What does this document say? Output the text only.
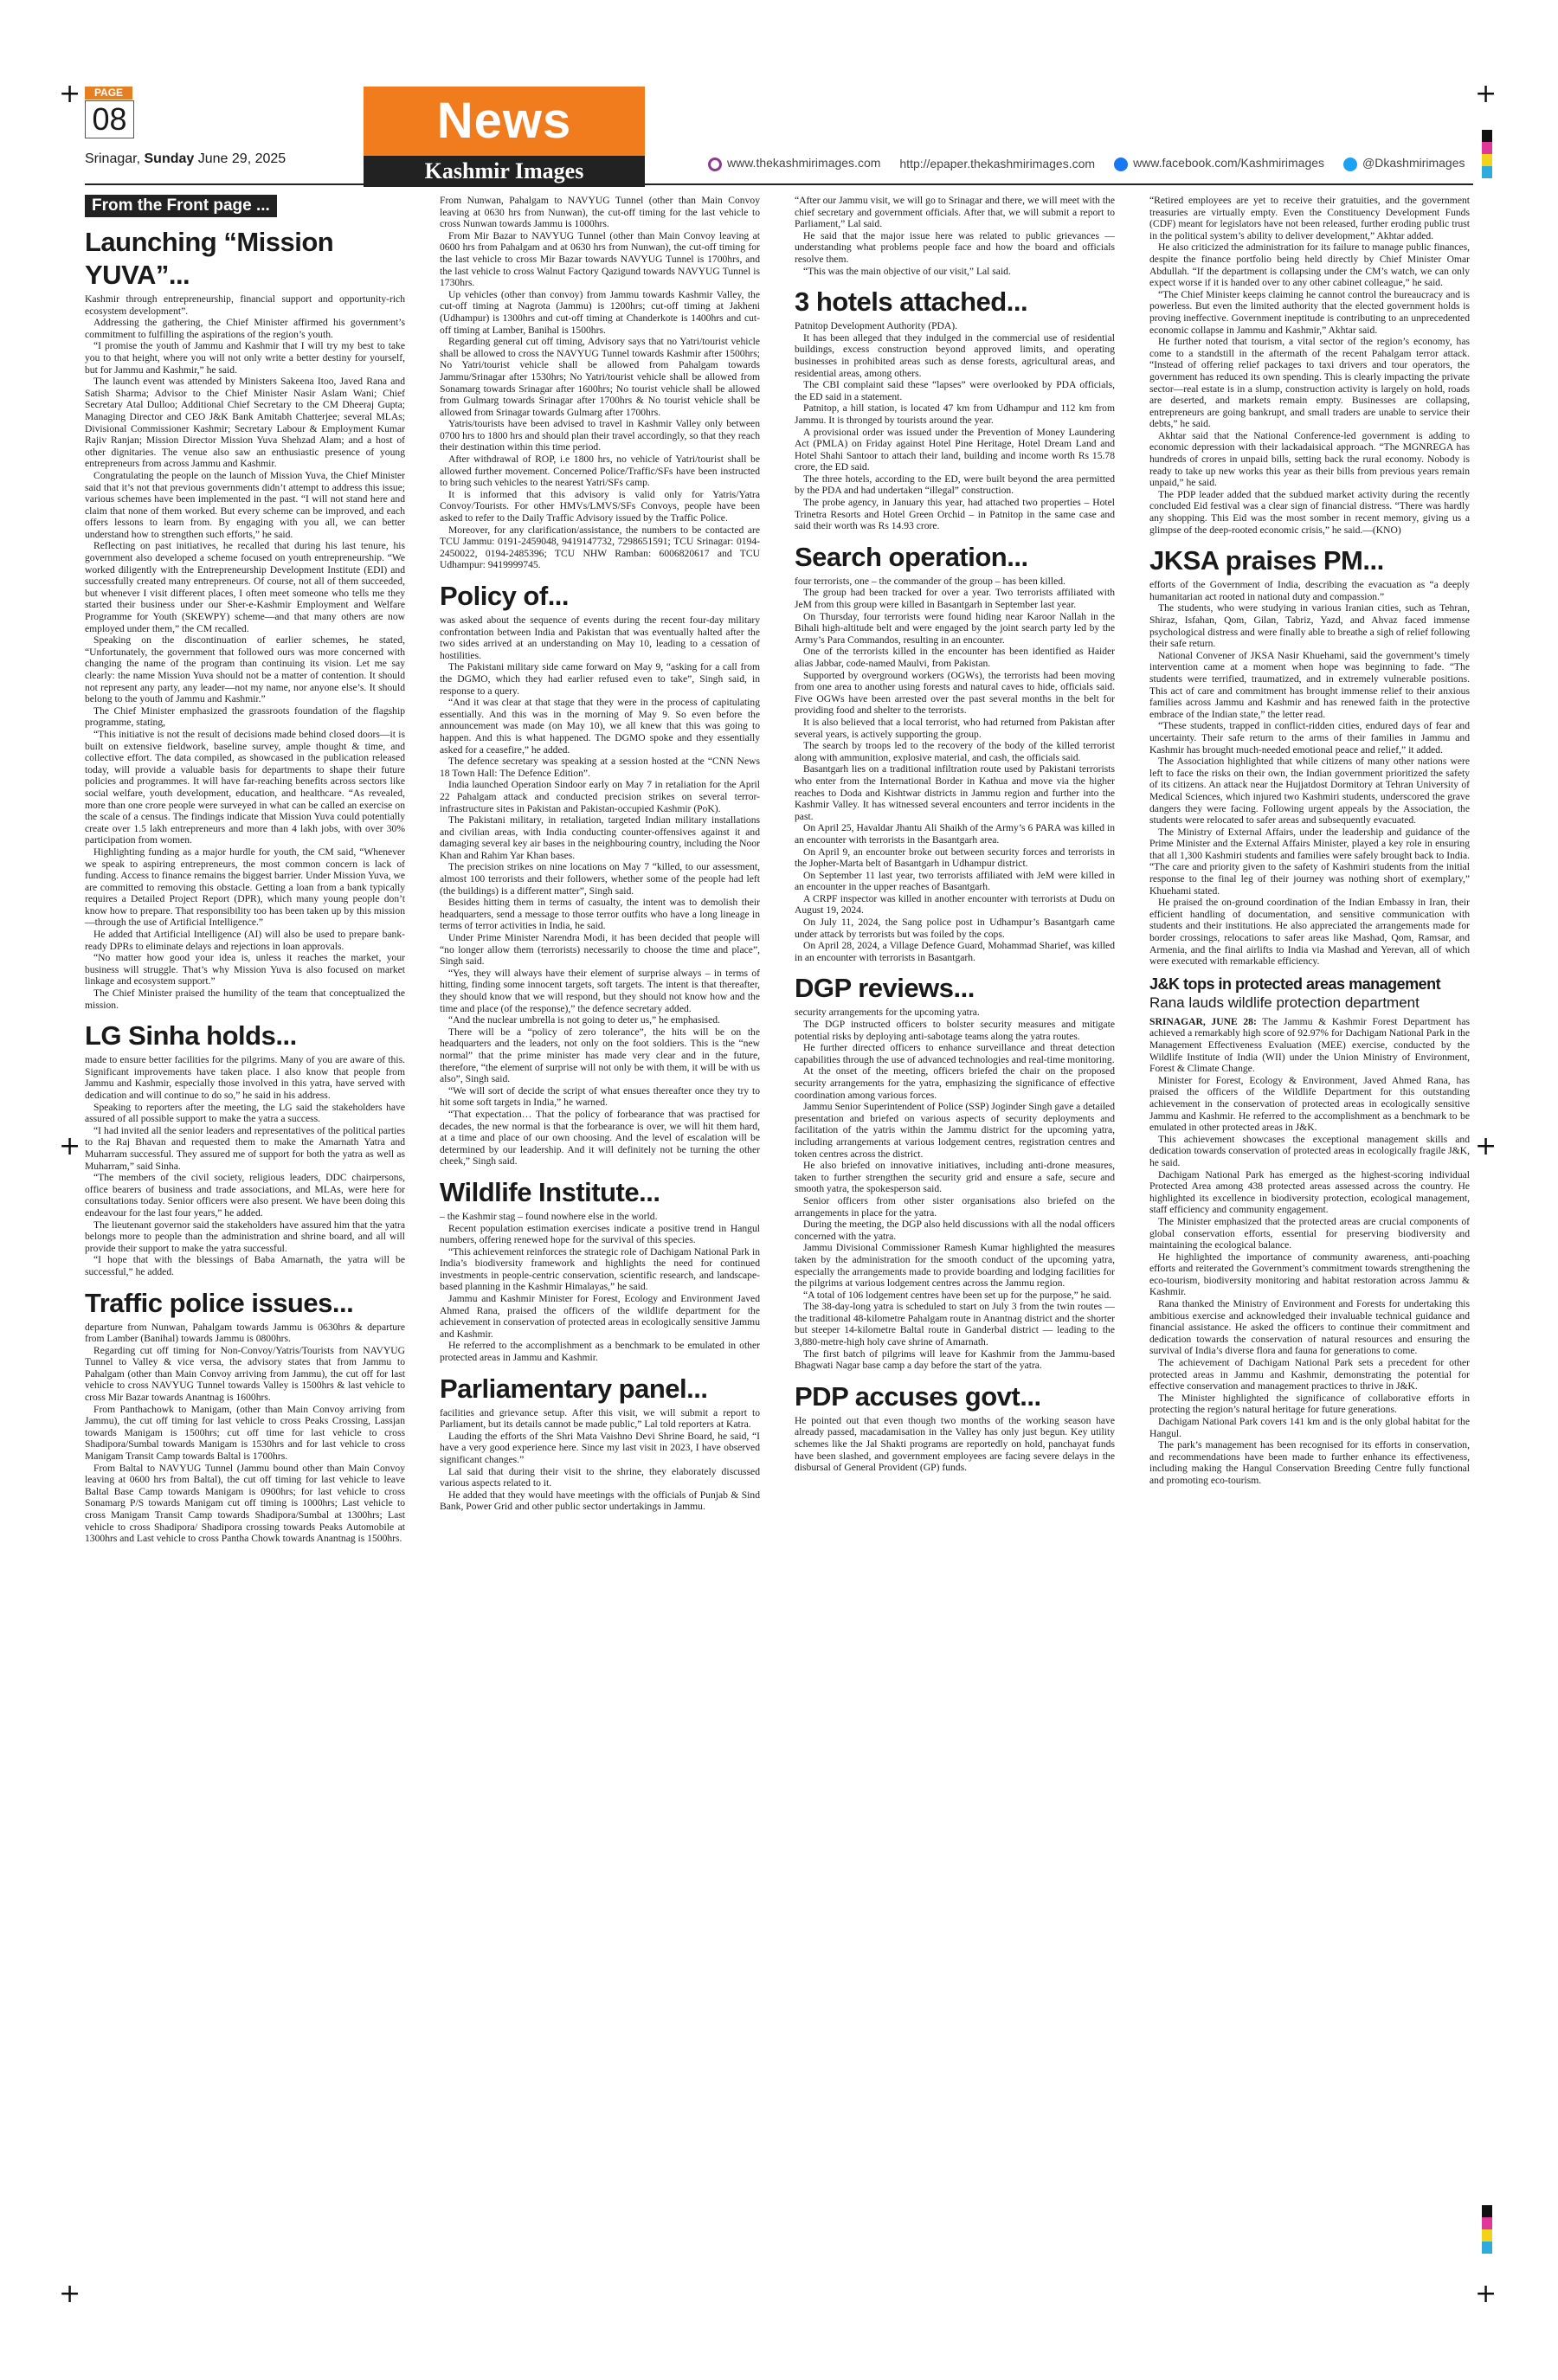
+	+
+	+
+	+
PAGE
08
Srinagar, Sunday June 29, 2025
News
Kashmir Images	www.thekashmirimages.com http://epaper.thekashmirimages.com	www.facebook.com/Kashmirimages	@Dkashmirimages
From the Front page ...
Launching “Mission YUVA”...

Kashmir through entrepreneurship, financial support and opportunity-rich ecosystem development”.

Addressing the gathering, the Chief Minister affirmed his government’s commitment to fulfilling the aspirations of the region’s youth.

“I promise the youth of Jammu and Kashmir that I will try my best to take you to that height, where you will not only write a better destiny for yourself, but for Jammu and Kashmir,” he said.

The launch event was attended by Ministers Sakeena Itoo, Javed Rana and Satish Sharma; Advisor to the Chief Minister Nasir Aslam Wani; Chief Secretary Atal Dulloo; Additional Chief Secretary to the CM Dheeraj Gupta; Managing Director and CEO J&K Bank Amitabh Chatterjee; several MLAs; Divisional Commissioner Kashmir; Secretary Labour & Employment Kumar Rajiv Ranjan; Mission Director Mission Yuva Shehzad Alam; and a host of other dignitaries. The venue also saw an enthusiastic presence of young entrepreneurs from across Jammu and Kashmir.

Congratulating the people on the launch of Mission Yuva, the Chief Minister said that it’s not that previous governments didn’t attempt to address this issue; various schemes have been implemented in the past. “I will not stand here and claim that none of them worked. But every scheme can be improved, and each offers lessons to learn from. By engaging with you all, we can better understand how to strengthen such efforts,” he said.

Reflecting on past initiatives, he recalled that during his last tenure, his government also developed a scheme focused on youth entrepreneurship. “We worked diligently with the Entrepreneurship Development Institute (EDI) and successfully created many entrepreneurs. Of course, not all of them succeeded, but whenever I visit different places, I often meet someone who tells me they started their business under our Sher-e-Kashmir Employment and Welfare Programme for Youth (SKEWPY) scheme—and that many others are now employed under them,” the CM recalled.

Speaking on the discontinuation of earlier schemes, he stated, “Unfortunately, the government that followed ours was more concerned with changing the name of the program than continuing its vision. Let me say clearly: the name Mission Yuva should not be a matter of contention. It should not represent any party, any leader—not my name, nor anyone else’s. It should belong to the youth of Jammu and Kashmir.”

The Chief Minister emphasized the grassroots foundation of the flagship programme, stating,

“This initiative is not the result of decisions made behind closed doors—it is built on extensive fieldwork, baseline survey, ample thought & time, and collective effort. The data compiled, as showcased in the publication released today, will provide a valuable basis for departments to shape their future policies and programmes. It will have far-reaching benefits across sectors like social welfare, youth development, education, and healthcare. “As revealed, more than one crore people were surveyed in what can be called an exercise on the scale of a census. The findings indicate that Mission Yuva could potentially create over 1.5 lakh entrepreneurs and more than 4 lakh jobs, with over 30% participation from women.

Highlighting funding as a major hurdle for youth, the CM said, “Whenever we speak to aspiring entrepreneurs, the most common concern is lack of funding. Access to finance remains the biggest barrier. Under Mission Yuva, we are committed to removing this obstacle. Getting a loan from a bank typically requires a Detailed Project Report (DPR), which many young people don’t know how to prepare. That responsibility too has been taken up by this mission—through the use of Artificial Intelligence.”

He added that Artificial Intelligence (AI) will also be used to prepare bank-ready DPRs to eliminate delays and rejections in loan approvals.

“No matter how good your idea is, unless it reaches the market, your business will struggle. That’s why Mission Yuva is also focused on market linkage and ecosystem support.”

The Chief Minister praised the humility of the team that conceptualized the mission.

LG Sinha holds...

made to ensure better facilities for the pilgrims. Many of you are aware of this. Significant improvements have taken place. I also know that people from Jammu and Kashmir, especially those involved in this yatra, have served with dedication and will continue to do so,” he said in his address.

Speaking to reporters after the meeting, the LG said the stakeholders have assured of all possible support to make the yatra a success.

“I had invited all the senior leaders and representatives of the political parties to the Raj Bhavan and requested them to make the Amarnath Yatra and Muharram successful. They assured me of support for both the yatra as well as Muharram,” said Sinha.

“The members of the civil society, religious leaders, DDC chairpersons, office bearers of business and trade associations, and MLAs, were here for consultations today. Senior officers were also present. We have been doing this endeavour for the last four years,” he added.

The lieutenant governor said the stakeholders have assured him that the yatra belongs more to people than the administration and shrine board, and all will provide their support to make the yatra successful.

“I hope that with the blessings of Baba Amarnath, the yatra will be successful,” he added.

Traffic police issues...

departure from Nunwan, Pahalgam towards Jammu is 0630hrs & departure from Lamber (Banihal) towards Jammu is 0800hrs.

Regarding cut off timing for Non-Convoy/Yatris/Tourists from NAVYUG Tunnel to Valley & vice versa, the advisory states that from Jammu to Pahalgam (other than Main Convoy arriving from Jammu), the cut off for last vehicle to cross NAVYUG Tunnel towards Valley is 1500hrs & last vehicle to cross Mir Bazar towards Anantnag is 1600hrs.

From Panthachowk to Manigam, (other than Main Convoy arriving from Jammu), the cut off timing for last vehicle to cross Peaks Crossing, Lassjan towards Manigam is 1500hrs; cut off time for last vehicle to cross Shadipora/Sumbal towards Manigam is 1530hrs and for last vehicle to cross Manigam Transit Camp towards Baltal is 1700hrs.

From Baltal to NAVYUG Tunnel (Jammu bound other than Main Convoy leaving at 0600 hrs from Baltal), the cut off timing for last vehicle to leave Baltal Base Camp towards Manigam is 0900hrs; for last vehicle to cross Sonamarg P/S towards Manigam cut off timing is 1000hrs; Last vehicle to cross Manigam Transit Camp towards Shadipora/Sumbal at 1300hrs; Last vehicle to cross Shadipora/ Shadipora crossing towards Peaks Automobile at 1300hrs and Last vehicle to cross Pantha Chowk towards Anantnag is 1500hrs.

From Nunwan, Pahalgam to NAVYUG Tunnel (other than Main Convoy leaving at 0630 hrs from Nunwan), the cut-off timing for the last vehicle to cross Nunwan towards Jammu is 1000hrs.

From Mir Bazar to NAVYUG Tunnel (other than Main Convoy leaving at 0600 hrs from Pahalgam and at 0630 hrs from Nunwan), the cut-off timing for the last vehicle to cross Mir Bazar towards NAVYUG Tunnel is 1700hrs, and the last vehicle to cross Walnut Factory Qazigund towards NAVYUG Tunnel is 1730hrs.

Up vehicles (other than convoy) from Jammu towards Kashmir Valley, the cut-off timing at Nagrota (Jammu) is 1200hrs; cut-off timing at Jakheni (Udhampur) is 1300hrs and cut-off timing at Chanderkote is 1400hrs and cut-off timing at Lamber, Banihal is 1500hrs.

Regarding general cut off timing, Advisory says that no Yatri/tourist vehicle shall be allowed to cross the NAVYUG Tunnel towards Kashmir after 1500hrs; No Yatri/tourist vehicle shall be allowed from Pahalgam towards Jammu/Srinagar after 1530hrs; No Yatri/tourist vehicle shall be allowed from Sonamarg towards Srinagar after 1600hrs; No tourist vehicle shall be allowed from Gulmarg towards Srinagar after 1700hrs & No tourist vehicle shall be allowed from Srinagar towards Gulmarg after 1700hrs.

Yatris/tourists have been advised to travel in Kashmir Valley only between 0700 hrs to 1800 hrs and should plan their travel accordingly, so that they reach their destination within this time period.

After withdrawal of ROP, i.e 1800 hrs, no vehicle of Yatri/tourist shall be allowed further movement. Concerned Police/Traffic/SFs have been instructed to bring such vehicles to the nearest Yatri/SFs camp.

It is informed that this advisory is valid only for Yatris/Yatra Convoy/Tourists. For other HMVs/LMVS/SFs Convoys, people have been asked to refer to the Daily Traffic Advisory issued by the Traffic Police.

Moreover, for any clarification/assistance, the numbers to be contacted are TCU Jammu: 0191-2459048, 9419147732, 7298651591; TCU Srinagar: 0194-2450022, 0194-2485396; TCU NHW Ramban: 6006820617 and TCU Udhampur: 9419999745.

Policy of...

was asked about the sequence of events during the recent four-day military confrontation between India and Pakistan that was eventually halted after the two sides arrived at an understanding on May 10, leading to a cessation of hostilities.

The Pakistani military side came forward on May 9, “asking for a call from the DGMO, which they had earlier refused even to take”, Singh said, in response to a query.

“And it was clear at that stage that they were in the process of capitulating essentially. And this was in the morning of May 9. So even before the announcement was made (on May 10), we all knew that this was going to happen. And this is what happened. The DGMO spoke and they essentially asked for a ceasefire,” he added.

The defence secretary was speaking at a session hosted at the “CNN News 18 Town Hall: The Defence Edition”.

India launched Operation Sindoor early on May 7 in retaliation for the April 22 Pahalgam attack and conducted precision strikes on several terror-infrastructure sites in Pakistan and Pakistan-occupied Kashmir (PoK).

The Pakistani military, in retaliation, targeted Indian military installations and civilian areas, with India conducting counter-offensives against it and damaging several key air bases in the neighbouring country, including the Noor Khan and Rahim Yar Khan bases.

The precision strikes on nine locations on May 7 “killed, to our assessment, almost 100 terrorists and their followers, whether some of the people had left (the buildings) is a different matter”, Singh said.

Besides hitting them in terms of casualty, the intent was to demolish their headquarters, send a message to those terror outfits who have a long lineage in terms of terror activities in India, he said.

Under Prime Minister Narendra Modi, it has been decided that people will “no longer allow them (terrorists) necessarily to choose the time and place”, Singh said.

“Yes, they will always have their element of surprise always – in terms of hitting, finding some innocent targets, soft targets. The intent is that thereafter, they should know that we will respond, but they should not know how and the time and place (of the response),” the defence secretary added.

“And the nuclear umbrella is not going to deter us,” he emphasised.

There will be a “policy of zero tolerance”, the hits will be on the headquarters and the leaders, not only on the foot soldiers. This is the “new normal” that the prime minister has made very clear and in the future, therefore, “the element of surprise will not only be with them, it will be with us also”, Singh said.

“We will sort of decide the script of what ensues thereafter once they try to hit some soft targets in India,” he warned.

“That expectation… That the policy of forbearance that was practised for decades, the new normal is that the forbearance is over, we will hit them hard, at a time and place of our own choosing. And the level of escalation will be determined by our leadership. And it will definitely not be turning the other cheek,” Singh said.

Wildlife Institute...

– the Kashmir stag – found nowhere else in the world.

Recent population estimation exercises indicate a positive trend in Hangul numbers, offering renewed hope for the survival of this species.

“This achievement reinforces the strategic role of Dachigam National Park in India’s biodiversity framework and highlights the need for continued investments in people-centric conservation, scientific research, and landscape-based planning in the Kashmir Himalayas,” he said.

Jammu and Kashmir Minister for Forest, Ecology and Environment Javed Ahmed Rana, praised the officers of the wildlife department for the achievement in conservation of protected areas in ecologically sensitive Jammu and Kashmir.

He referred to the accomplishment as a benchmark to be emulated in other protected areas in Jammu and Kashmir.

Parliamentary panel...

facilities and grievance setup. After this visit, we will submit a report to Parliament, but its details cannot be made public,” Lal told reporters at Katra.

Lauding the efforts of the Shri Mata Vaishno Devi Shrine Board, he said, “I have a very good experience here. Since my last visit in 2023, I have observed significant changes.”

Lal said that during their visit to the shrine, they elaborately discussed various aspects related to it.

He added that they would have meetings with the officials of Punjab & Sind Bank, Power Grid and other public sector undertakings in Jammu.

“After our Jammu visit, we will go to Srinagar and there, we will meet with the chief secretary and government officials. After that, we will submit a report to Parliament,” Lal said.

He said that the major issue here was related to public grievances — understanding what problems people face and how the board and officials resolve them.

“This was the main objective of our visit,” Lal said.

3 hotels attached...

Patnitop Development Authority (PDA).

It has been alleged that they indulged in the commercial use of residential buildings, excess construction beyond approved limits, and operating businesses in prohibited areas such as dense forests, agricultural areas, and residential areas, among others.

The CBI complaint said these “lapses” were overlooked by PDA officials, the ED said in a statement.

Patnitop, a hill station, is located 47 km from Udhampur and 112 km from Jammu. It is thronged by tourists around the year.

A provisional order was issued under the Prevention of Money Laundering Act (PMLA) on Friday against Hotel Pine Heritage, Hotel Dream Land and Hotel Shahi Santoor to attach their land, building and income worth Rs 15.78 crore, the ED said.

The three hotels, according to the ED, were built beyond the area permitted by the PDA and had undertaken “illegal” construction.

The probe agency, in January this year, had attached two properties – Hotel Trinetra Resorts and Hotel Green Orchid – in Patnitop in the same case and said their worth was Rs 14.93 crore.

Search operation...

four terrorists, one – the commander of the group – has been killed.

The group had been tracked for over a year. Two terrorists affiliated with JeM from this group were killed in Basantgarh in September last year.

On Thursday, four terrorists were found hiding near Karoor Nallah in the Bihali high-altitude belt and were engaged by the joint search party led by the Army’s Para Commandos, resulting in an encounter.

One of the terrorists killed in the encounter has been identified as Haider alias Jabbar, code-named Maulvi, from Pakistan.

Supported by overground workers (OGWs), the terrorists had been moving from one area to another using forests and natural caves to hide, officials said. Five OGWs have been arrested over the past several months in the belt for providing food and shelter to the terrorists.

It is also believed that a local terrorist, who had returned from Pakistan after several years, is actively supporting the group.

The search by troops led to the recovery of the body of the killed terrorist along with ammunition, explosive material, and cash, the officials said.

Basantgarh lies on a traditional infiltration route used by Pakistani terrorists who enter from the International Border in Kathua and move via the higher reaches to Doda and Kishtwar districts in Jammu region and further into the Kashmir Valley. It has witnessed several encounters and terror incidents in the past.

On April 25, Havaldar Jhantu Ali Shaikh of the Army’s 6 PARA was killed in an encounter with terrorists in the Basantgarh area.

On April 9, an encounter broke out between security forces and terrorists in the Jopher-Marta belt of Basantgarh in Udhampur district.

On September 11 last year, two terrorists affiliated with JeM were killed in an encounter in the upper reaches of Basantgarh.

A CRPF inspector was killed in another encounter with terrorists at Dudu on August 19, 2024.

On July 11, 2024, the Sang police post in Udhampur’s Basantgarh came under attack by terrorists but was foiled by the cops.

On April 28, 2024, a Village Defence Guard, Mohammad Sharief, was killed in an encounter with terrorists in Basantgarh.

DGP reviews...

security arrangements for the upcoming yatra.

The DGP instructed officers to bolster security measures and mitigate potential risks by deploying anti-sabotage teams along the yatra routes.

He further directed officers to enhance surveillance and threat detection capabilities through the use of advanced technologies and real-time monitoring.

At the onset of the meeting, officers briefed the chair on the proposed security arrangements for the yatra, emphasizing the significance of effective coordination among various forces.

Jammu Senior Superintendent of Police (SSP) Joginder Singh gave a detailed presentation and briefed on various aspects of security deployments and facilitation of the yatris within the Jammu district for the upcoming yatra, including arrangements at various lodgement centres, registration centres and token centres across the district.

He also briefed on innovative initiatives, including anti-drone measures, taken to further strengthen the security grid and ensure a safe, secure and smooth yatra, the spokesperson said.

Senior officers from other sister organisations also briefed on the arrangements in place for the yatra.

During the meeting, the DGP also held discussions with all the nodal officers concerned with the yatra.

Jammu Divisional Commissioner Ramesh Kumar highlighted the measures taken by the administration for the smooth conduct of the upcoming yatra, especially the arrangements made to provide boarding and lodging facilities for the pilgrims at various lodgement centres across the Jammu region.

“A total of 106 lodgement centres have been set up for the purpose,” he said.

The 38-day-long yatra is scheduled to start on July 3 from the twin routes — the traditional 48-kilometre Pahalgam route in Anantnag district and the shorter but steeper 14-kilometre Baltal route in Ganderbal district — leading to the 3,880-metre-high holy cave shrine of Amarnath.

The first batch of pilgrims will leave for Kashmir from the Jammu-based Bhagwati Nagar base camp a day before the start of the yatra.

PDP accuses govt...

He pointed out that even though two months of the working season have already passed, macadamisation in the Valley has only just begun. Key utility schemes like the Jal Shakti programs are reportedly on hold, panchayat funds have been slashed, and government employees are facing severe delays in the disbursal of General Provident (GP) funds.

“Retired employees are yet to receive their gratuities, and the government treasuries are virtually empty. Even the Constituency Development Funds (CDF) meant for legislators have not been released, further eroding public trust in the political system’s ability to deliver development,” Akhtar added.

He also criticized the administration for its failure to manage public finances, despite the finance portfolio being held directly by Chief Minister Omar Abdullah. “If the department is collapsing under the CM’s watch, we can only expect worse if it is handed over to any other cabinet colleague,” he said.

“The Chief Minister keeps claiming he cannot control the bureaucracy and is powerless. But even the limited authority that the elected government holds is proving ineffective. Government ineptitude is contributing to an unprecedented economic collapse in Jammu and Kashmir,” Akhtar said.

He further noted that tourism, a vital sector of the region’s economy, has come to a standstill in the aftermath of the recent Pahalgam terror attack. “Instead of offering relief packages to taxi drivers and tour operators, the government has reduced its own spending. This is clearly impacting the private sector—real estate is in a slump, construction activity is largely on hold, roads are deserted, and markets remain empty. Businesses are collapsing, entrepreneurs are going bankrupt, and small traders are unable to service their debts,” he said.

Akhtar said that the National Conference-led government is adding to economic depression with their lackadaisical approach. “The MGNREGA has hundreds of crores in unpaid bills, setting back the rural economy. Nobody is ready to take up new works this year as their bills from previous years remain unpaid,” he said.

The PDP leader added that the subdued market activity during the recently concluded Eid festival was a clear sign of financial distress. “There was hardly any shopping. This Eid was the most somber in recent memory, giving us a glimpse of the deep-rooted economic crisis,” he said.—(KNO)

JKSA praises PM...

efforts of the Government of India, describing the evacuation as “a deeply humanitarian act rooted in national duty and compassion.”

The students, who were studying in various Iranian cities, such as Tehran, Shiraz, Isfahan, Qom, Gilan, Tabriz, Yazd, and Ahvaz faced immense psychological distress and were finally able to breathe a sigh of relief following their safe return.

National Convener of JKSA Nasir Khuehami, said the government’s timely intervention came at a moment when hope was beginning to fade. “The students were terrified, traumatized, and in extremely vulnerable positions. This act of care and commitment has brought immense relief to their anxious families across Jammu and Kashmir and has renewed faith in the protective embrace of the Indian state,” the letter read.

“These students, trapped in conflict-ridden cities, endured days of fear and uncertainty. Their safe return to the arms of their families in Jammu and Kashmir has brought much-needed emotional peace and relief,” it added.

The Association highlighted that while citizens of many other nations were left to face the risks on their own, the Indian government prioritized the safety of its citizens. An attack near the Hujjatdost Dormitory at Tehran University of Medical Sciences, which injured two Kashmiri students, underscored the grave dangers they were facing. Following urgent appeals by the Association, the students were relocated to safer areas and subsequently evacuated.

The Ministry of External Affairs, under the leadership and guidance of the Prime Minister and the External Affairs Minister, played a key role in ensuring that all 1,300 Kashmiri students and families were safely brought back to India. “The care and priority given to the safety of Kashmiri students from the initial response to the final leg of their journey was nothing short of exemplary,” Khuehami stated.

He praised the on-ground coordination of the Indian Embassy in Iran, their efficient handling of documentation, and sensitive communication with students and their institutions. He also appreciated the arrangements made for border crossings, relocations to safer areas like Mashad, Qom, Ramsar, and Armenia, and the final airlifts to India via Mashad and Yerevan, all of which were executed with remarkable efficiency.

J&K tops in protected areas management
Rana lauds wildlife protection department

SRINAGAR, JUNE 28: The Jammu & Kashmir Forest Department has achieved a remarkably high score of 92.97% for Dachigam National Park in the Management Effectiveness Evaluation (MEE) exercise, conducted by the Wildlife Institute of India (WII) under the Union Ministry of Environment, Forest & Climate Change.

Minister for Forest, Ecology & Environment, Javed Ahmed Rana, has praised the officers of the Wildlife Department for this outstanding achievement in the conservation of protected areas in ecologically sensitive Jammu and Kashmir. He referred to the accomplishment as a benchmark to be emulated in other protected areas in J&K.

This achievement showcases the exceptional management skills and dedication towards conservation of protected areas in ecologically fragile J&K, he said.

Dachigam National Park has emerged as the highest-scoring individual Protected Area among 438 protected areas assessed across the country. He highlighted its excellence in biodiversity protection, ecological management, staff efficiency and community engagement.

The Minister emphasized that the protected areas are crucial components of global conservation efforts, essential for preserving biodiversity and maintaining the ecological balance.

He highlighted the importance of community awareness, anti-poaching efforts and reiterated the Government’s commitment towards strengthening the eco-tourism, biodiversity monitoring and habitat restoration across Jammu & Kashmir.

Rana thanked the Ministry of Environment and Forests for undertaking this ambitious exercise and acknowledged their invaluable technical guidance and financial assistance. He asked the officers to continue their commitment and dedication towards the conservation of natural resources and ensuring the survival of India’s diverse flora and fauna for generations to come.

The achievement of Dachigam National Park sets a precedent for other protected areas in Jammu and Kashmir, demonstrating the potential for effective conservation and management practices to thrive in J&K.

The Minister highlighted the significance of collaborative efforts in protecting the region’s natural heritage for future generations.

Dachigam National Park covers 141 km and is the only global habitat for the Hangul.

The park’s management has been recognised for its efforts in conservation, and recommendations have been made to further enhance its effectiveness, including making the Hangul Conservation Breeding Centre fully functional and promoting eco-tourism.
